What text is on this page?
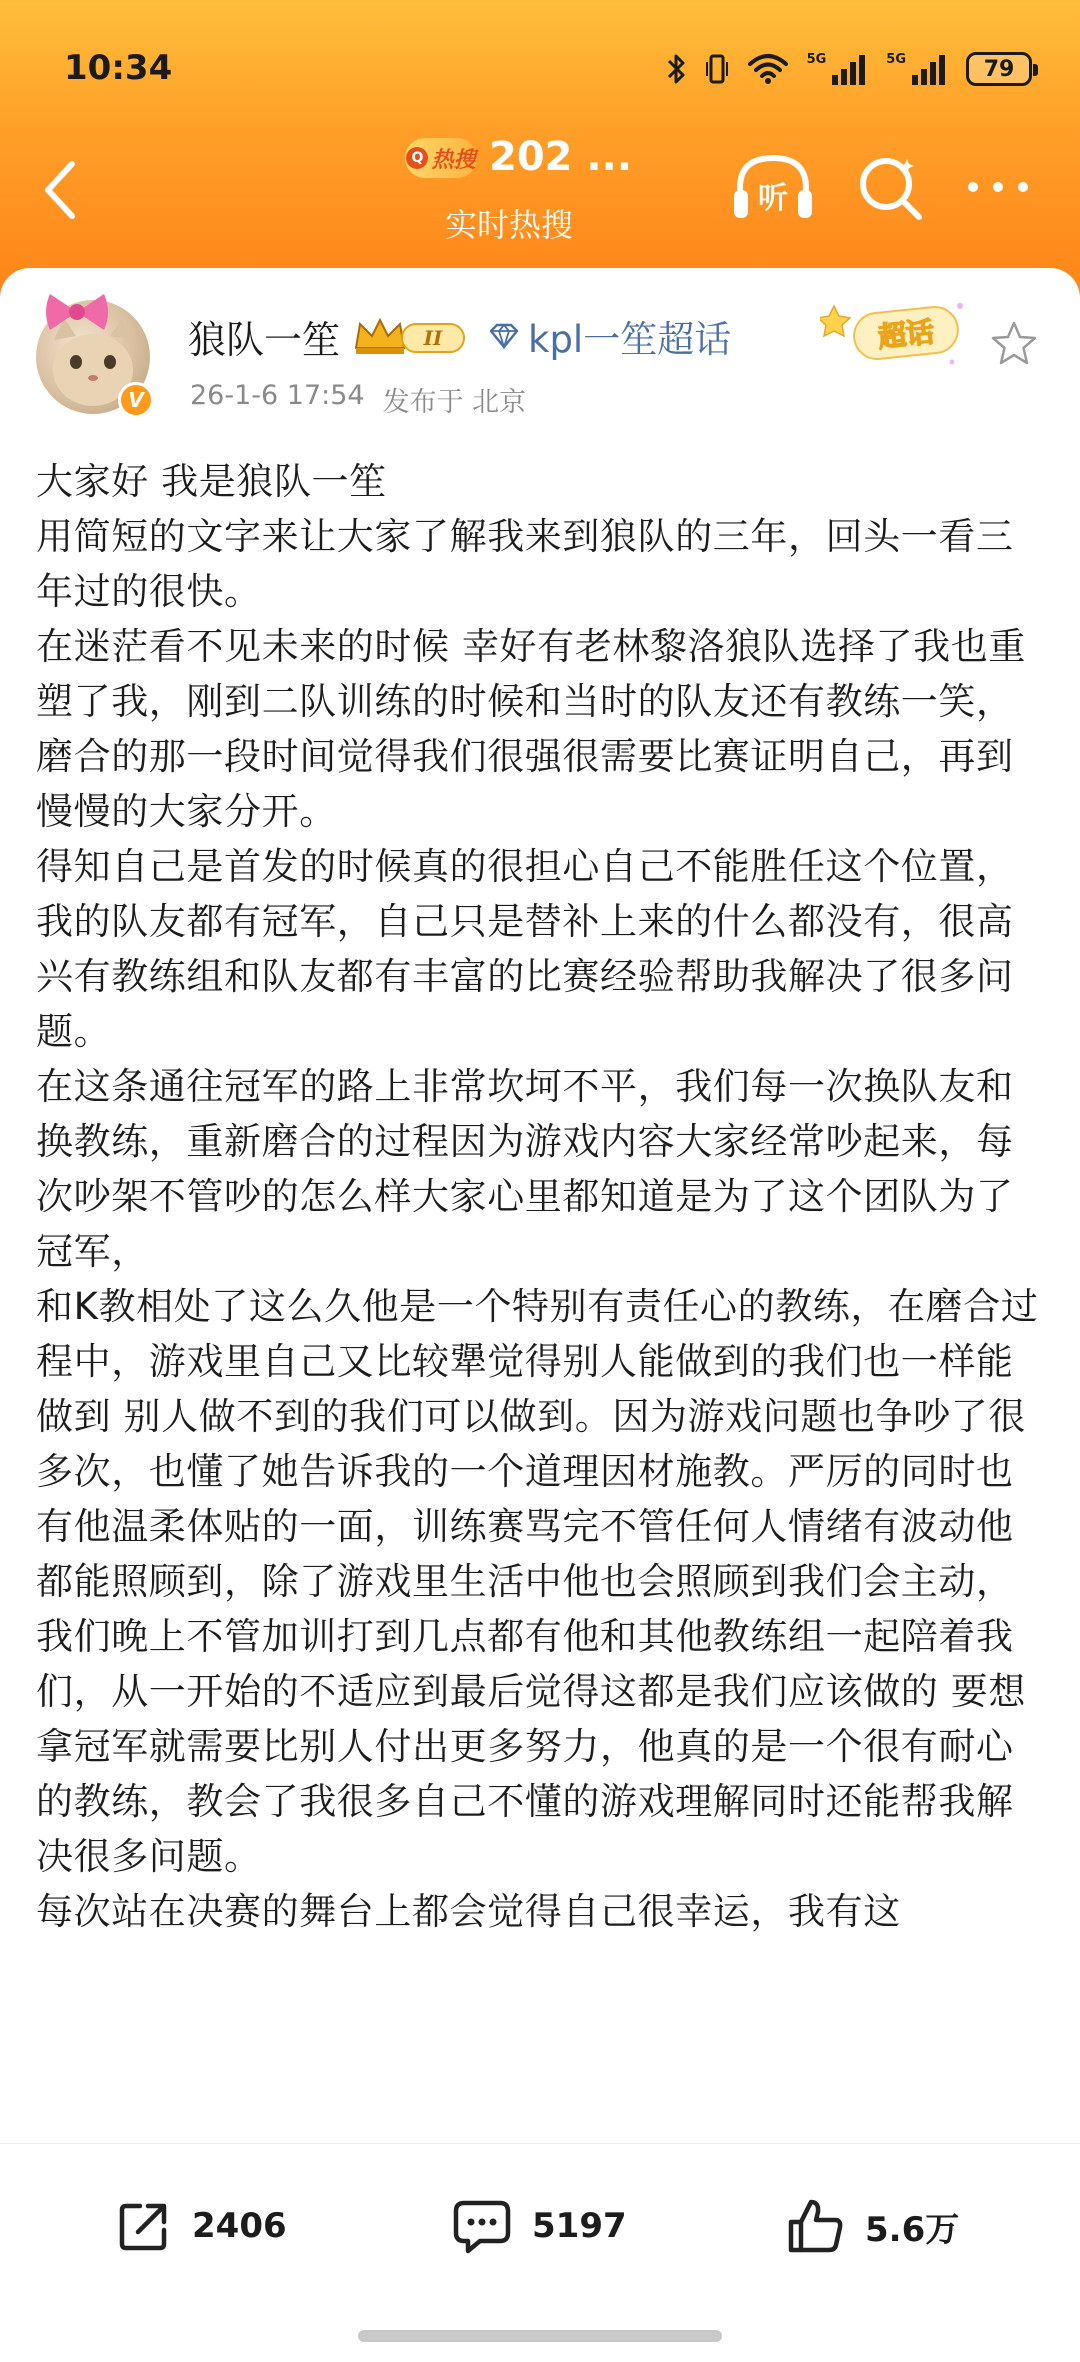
10:34	5G	5G	79
Q 热搜 202 ...
实时热搜
听
V
狼队一笙	II kpl一笙超话
26-1-6 17:54 发布于 北京
超话

大家好 我是狼队一笙

用简短的文字来让大家了解我来到狼队的三年，回头一看三年过的很快。

在迷茫看不见未来的时候 幸好有老林黎洛狼队选择了我也重塑了我，刚到二队训练的时候和当时的队友还有教练一笑，磨合的那一段时间觉得我们很强很需要比赛证明自己，再到慢慢的大家分开。

得知自己是首发的时候真的很担心自己不能胜任这个位置，我的队友都有冠军，自己只是替补上来的什么都没有，很高兴有教练组和队友都有丰富的比赛经验帮助我解决了很多问题。

在这条通往冠军的路上非常坎坷不平，我们每一次换队友和换教练，重新磨合的过程因为游戏内容大家经常吵起来，每次吵架不管吵的怎么样大家心里都知道是为了这个团队为了冠军，

和K教相处了这么久他是一个特别有责任心的教练，在磨合过程中，游戏里自己又比较犟觉得别人能做到的我们也一样能做到 别人做不到的我们可以做到。因为游戏问题也争吵了很多次，也懂了她告诉我的一个道理因材施教。严厉的同时也有他温柔体贴的一面，训练赛骂完不管任何人情绪有波动他都能照顾到，除了游戏里生活中他也会照顾到我们会主动，我们晚上不管加训打到几点都有他和其他教练组一起陪着我们，从一开始的不适应到最后觉得这都是我们应该做的 要想拿冠军就需要比别人付出更多努力，他真的是一个很有耐心的教练，教会了我很多自己不懂的游戏理解同时还能帮我解决很多问题。

每次站在决赛的舞台上都会觉得自己很幸运，我有这

2406	5197	5.6万
